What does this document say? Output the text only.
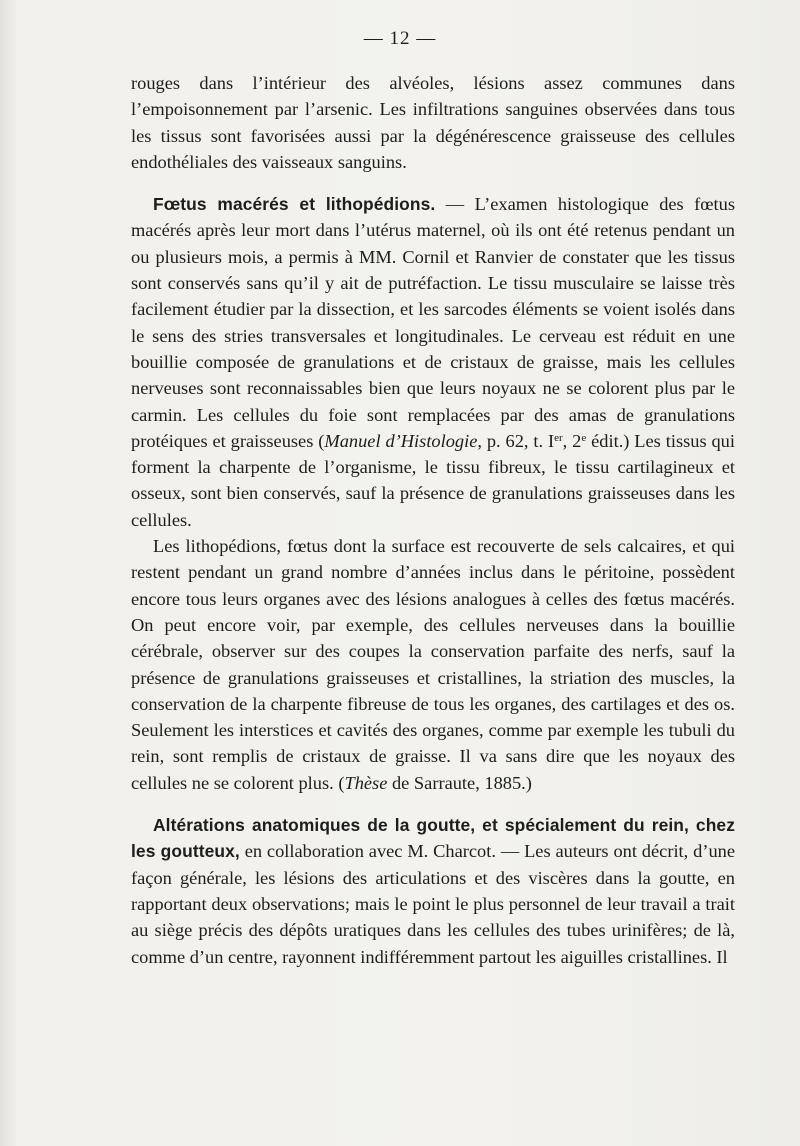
— 12 —

rouges dans l’intérieur des alvéoles, lésions assez communes dans l’empoisonnement par l’arsenic. Les infiltrations sanguines observées dans tous les tissus sont favorisées aussi par la dégénérescence graisseuse des cellules endothéliales des vaisseaux sanguins.

Fœtus macérés et lithopédions. — L’examen histologique des fœtus macérés après leur mort dans l’utérus maternel, où ils ont été retenus pendant un ou plusieurs mois, a permis à MM. Cornil et Ranvier de constater que les tissus sont conservés sans qu’il y ait de putréfaction. Le tissu musculaire se laisse très facilement étudier par la dissection, et les sarcodes éléments se voient isolés dans le sens des stries transversales et longitudinales. Le cerveau est réduit en une bouillie composée de granulations et de cristaux de graisse, mais les cellules nerveuses sont reconnaissables bien que leurs noyaux ne se colorent plus par le carmin. Les cellules du foie sont remplacées par des amas de granulations protéiques et graisseuses (Manuel d’Histologie, p. 62, t. Ier, 2e édit.) Les tissus qui forment la charpente de l’organisme, le tissu fibreux, le tissu cartilagineux et osseux, sont bien conservés, sauf la présence de granulations graisseuses dans les cellules.

Les lithopédions, fœtus dont la surface est recouverte de sels calcaires, et qui restent pendant un grand nombre d’années inclus dans le péritoine, possèdent encore tous leurs organes avec des lésions analogues à celles des fœtus macérés. On peut encore voir, par exemple, des cellules nerveuses dans la bouillie cérébrale, observer sur des coupes la conservation parfaite des nerfs, sauf la présence de granulations graisseuses et cristallines, la striation des muscles, la conservation de la charpente fibreuse de tous les organes, des cartilages et des os. Seulement les interstices et cavités des organes, comme par exemple les tubuli du rein, sont remplis de cristaux de graisse. Il va sans dire que les noyaux des cellules ne se colorent plus. (Thèse de Sarraute, 1885.)

Altérations anatomiques de la goutte, et spécialement du rein, chez les goutteux, en collaboration avec M. Charcot. — Les auteurs ont décrit, d’une façon générale, les lésions des articulations et des viscères dans la goutte, en rapportant deux observations; mais le point le plus personnel de leur travail a trait au siège précis des dépôts uratiques dans les cellules des tubes urinifères; de là, comme d’un centre, rayonnent indifféremment partout les aiguilles cristallines. Il
